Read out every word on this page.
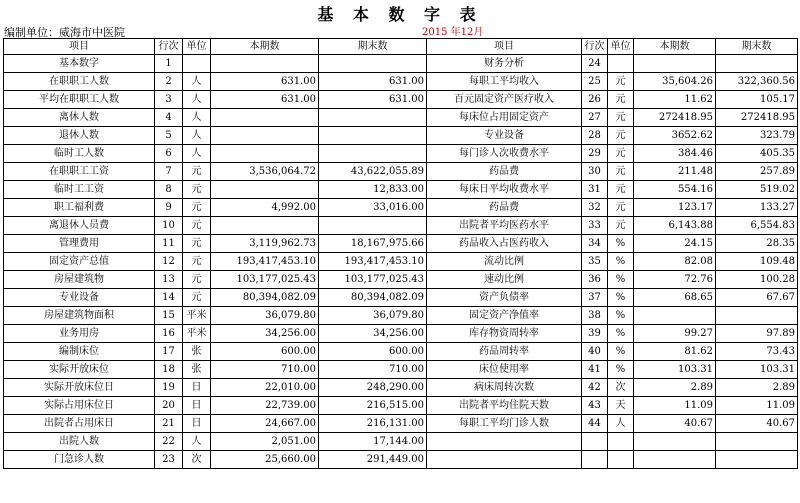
基 本 数 字 表
编制单位：威海市中医院	2015 年12月
项目	行次	单位	本期数	期末数	项目	行次	单位	本期数	期末数
基本数字	1				财务分析	24			
在职职工人数	2	人	631.00	631.00	每职工平均收入	25	元	35,604.26	322,360.56
平均在职职工人数	3	人	631.00	631.00	百元固定资产医疗收入	26	元	11.62	105.17
离休人数	4	人			每床位占用固定资产	27	元	272418.95	272418.95
退休人数	5	人			专业设备	28	元	3652.62	323.79
临时工人数	6	人			每门诊人次收费水平	29	元	384.46	405.35
在职职工工资	7	元	3,536,064.72	43,622,055.89	药品费	30	元	211.48	257.89
临时工工资	8	元		12,833.00	每床日平均收费水平	31	元	554.16	519.02
职工福利费	9	元	4,992.00	33,016.00	药品费	32	元	123.17	133.27
离退休人员费	10	元			出院者平均医药水平	33	元	6,143.88	6,554.83
管理费用	11	元	3,119,962.73	18,167,975.66	药品收入占医药收入	34	%	24.15	28.35
固定资产总值	12	元	193,417,453.10	193,417,453.10	流动比例	35	%	82.08	109.48
房屋建筑物	13	元	103,177,025.43	103,177,025.43	速动比例	36	%	72.76	100.28
专业设备	14	元	80,394,082.09	80,394,082.09	资产负债率	37	%	68.65	67.67
房屋建筑物面积	15	平米	36,079.80	36,079.80	固定资产净值率	38	%		
业务用房	16	平米	34,256.00	34,256.00	库存物资周转率	39	%	99.27	97.89
编制床位	17	张	600.00	600.00	药品周转率	40	%	81.62	73.43
实际开放床位	18	张	710.00	710.00	床位使用率	41	%	103.31	103.31
实际开放床位日	19	日	22,010.00	248,290.00	病床周转次数	42	次	2.89	2.89
实际占用床位日	20	日	22,739.00	216,515.00	出院者平均住院天数	43	天	11.09	11.09
出院者占用床日	21	日	24,667.00	216,131.00	每职工平均门诊人数	44	人	40.67	40.67
出院人数	22	人	2,051.00	17,144.00					
门急诊人数	23	次	25,660.00	291,449.00					
